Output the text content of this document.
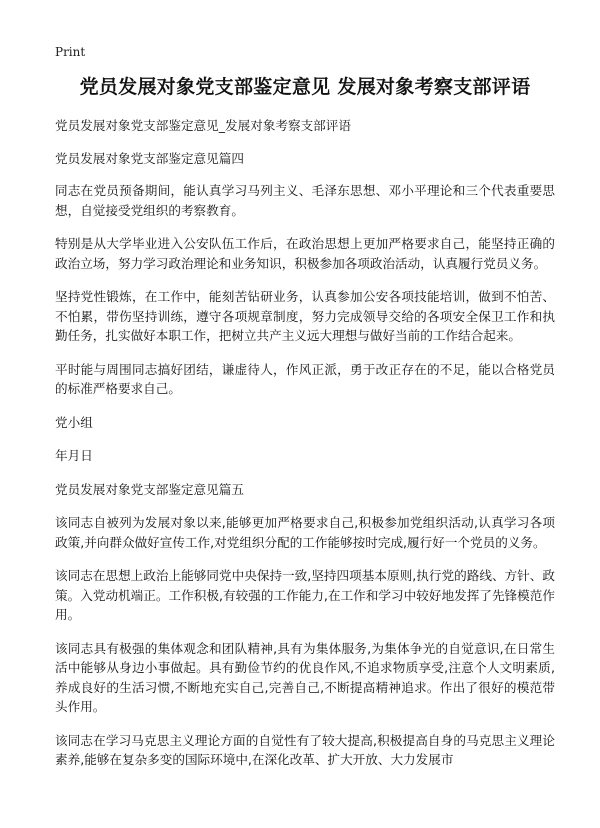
Print
党员发展对象党支部鉴定意见 发展对象考察支部评语

党员发展对象党支部鉴定意见_发展对象考察支部评语

党员发展对象党支部鉴定意见篇四

同志在党员预备期间，能认真学习马列主义、毛泽东思想、邓小平理论和三个代表重要思想，自觉接受党组织的考察教育。

特别是从大学毕业进入公安队伍工作后，在政治思想上更加严格要求自己，能坚持正确的政治立场，努力学习政治理论和业务知识，积极参加各项政治活动，认真履行党员义务。

坚持党性锻炼，在工作中，能刻苦钻研业务，认真参加公安各项技能培训，做到不怕苦、不怕累，带伤坚持训练，遵守各项规章制度，努力完成领导交给的各项安全保卫工作和执勤任务，扎实做好本职工作，把树立共产主义远大理想与做好当前的工作结合起来。

平时能与周围同志搞好团结，谦虚待人，作风正派，勇于改正存在的不足，能以合格党员的标准严格要求自己。

党小组

年月日

党员发展对象党支部鉴定意见篇五

该同志自被列为发展对象以来,能够更加严格要求自己,积极参加党组织活动,认真学习各项政策,并向群众做好宣传工作,对党组织分配的工作能够按时完成,履行好一个党员的义务。

该同志在思想上政治上能够同党中央保持一致,坚持四项基本原则,执行党的路线、方针、政策。入党动机端正。工作积极,有较强的工作能力,在工作和学习中较好地发挥了先锋模范作用。

该同志具有极强的集体观念和团队精神,具有为集体服务,为集体争光的自觉意识,在日常生活中能够从身边小事做起。具有勤俭节约的优良作风,不追求物质享受,注意个人文明素质,养成良好的生活习惯,不断地充实自己,完善自己,不断提高精神追求。作出了很好的模范带头作用。

该同志在学习马克思主义理论方面的自觉性有了较大提高,积极提高自身的马克思主义理论素养,能够在复杂多变的国际环境中,在深化改革、扩大开放、大力发展市
